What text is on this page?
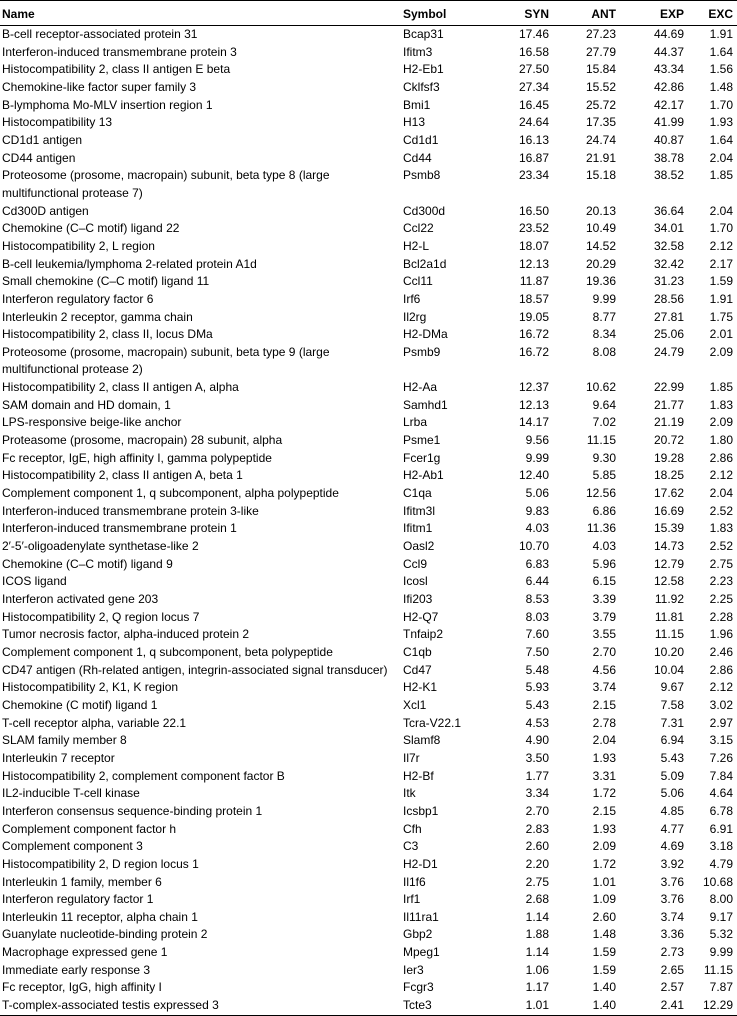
Name	Symbol	SYN	ANT	EXP	EXC
B-cell receptor-associated protein 31	Bcap31	17.46	27.23	44.69	1.91
Interferon-induced transmembrane protein 3	Ifitm3	16.58	27.79	44.37	1.64
Histocompatibility 2, class II antigen E beta	H2-Eb1	27.50	15.84	43.34	1.56
Chemokine-like factor super family 3	Cklfsf3	27.34	15.52	42.86	1.48
B-lymphoma Mo-MLV insertion region 1	Bmi1	16.45	25.72	42.17	1.70
Histocompatibility 13	H13	24.64	17.35	41.99	1.93
CD1d1 antigen	Cd1d1	16.13	24.74	40.87	1.64
CD44 antigen	Cd44	16.87	21.91	38.78	2.04
Proteosome (prosome, macropain) subunit, beta type 8 (large multifunctional protease 7)	Psmb8	23.34	15.18	38.52	1.85
Cd300D antigen	Cd300d	16.50	20.13	36.64	2.04
Chemokine (C–C motif) ligand 22	Ccl22	23.52	10.49	34.01	1.70
Histocompatibility 2, L region	H2-L	18.07	14.52	32.58	2.12
B-cell leukemia/lymphoma 2-related protein A1d	Bcl2a1d	12.13	20.29	32.42	2.17
Small chemokine (C–C motif) ligand 11	Ccl11	11.87	19.36	31.23	1.59
Interferon regulatory factor 6	Irf6	18.57	9.99	28.56	1.91
Interleukin 2 receptor, gamma chain	Il2rg	19.05	8.77	27.81	1.75
Histocompatibility 2, class II, locus DMa	H2-DMa	16.72	8.34	25.06	2.01
Proteosome (prosome, macropain) subunit, beta type 9 (large multifunctional protease 2)	Psmb9	16.72	8.08	24.79	2.09
Histocompatibility 2, class II antigen A, alpha	H2-Aa	12.37	10.62	22.99	1.85
SAM domain and HD domain, 1	Samhd1	12.13	9.64	21.77	1.83
LPS-responsive beige-like anchor	Lrba	14.17	7.02	21.19	2.09
Proteasome (prosome, macropain) 28 subunit, alpha	Psme1	9.56	11.15	20.72	1.80
Fc receptor, IgE, high affinity I, gamma polypeptide	Fcer1g	9.99	9.30	19.28	2.86
Histocompatibility 2, class II antigen A, beta 1	H2-Ab1	12.40	5.85	18.25	2.12
Complement component 1, q subcomponent, alpha polypeptide	C1qa	5.06	12.56	17.62	2.04
Interferon-induced transmembrane protein 3-like	Ifitm3l	9.83	6.86	16.69	2.52
Interferon-induced transmembrane protein 1	Ifitm1	4.03	11.36	15.39	1.83
2′-5′-oligoadenylate synthetase-like 2	Oasl2	10.70	4.03	14.73	2.52
Chemokine (C–C motif) ligand 9	Ccl9	6.83	5.96	12.79	2.75
ICOS ligand	Icosl	6.44	6.15	12.58	2.23
Interferon activated gene 203	Ifi203	8.53	3.39	11.92	2.25
Histocompatibility 2, Q region locus 7	H2-Q7	8.03	3.79	11.81	2.28
Tumor necrosis factor, alpha-induced protein 2	Tnfaip2	7.60	3.55	11.15	1.96
Complement component 1, q subcomponent, beta polypeptide	C1qb	7.50	2.70	10.20	2.46
CD47 antigen (Rh-related antigen, integrin-associated signal transducer)	Cd47	5.48	4.56	10.04	2.86
Histocompatibility 2, K1, K region	H2-K1	5.93	3.74	9.67	2.12
Chemokine (C motif) ligand 1	Xcl1	5.43	2.15	7.58	3.02
T-cell receptor alpha, variable 22.1	Tcra-V22.1	4.53	2.78	7.31	2.97
SLAM family member 8	Slamf8	4.90	2.04	6.94	3.15
Interleukin 7 receptor	Il7r	3.50	1.93	5.43	7.26
Histocompatibility 2, complement component factor B	H2-Bf	1.77	3.31	5.09	7.84
IL2-inducible T-cell kinase	Itk	3.34	1.72	5.06	4.64
Interferon consensus sequence-binding protein 1	Icsbp1	2.70	2.15	4.85	6.78
Complement component factor h	Cfh	2.83	1.93	4.77	6.91
Complement component 3	C3	2.60	2.09	4.69	3.18
Histocompatibility 2, D region locus 1	H2-D1	2.20	1.72	3.92	4.79
Interleukin 1 family, member 6	Il1f6	2.75	1.01	3.76	10.68
Interferon regulatory factor 1	Irf1	2.68	1.09	3.76	8.00
Interleukin 11 receptor, alpha chain 1	Il11ra1	1.14	2.60	3.74	9.17
Guanylate nucleotide-binding protein 2	Gbp2	1.88	1.48	3.36	5.32
Macrophage expressed gene 1	Mpeg1	1.14	1.59	2.73	9.99
Immediate early response 3	Ier3	1.06	1.59	2.65	11.15
Fc receptor, IgG, high affinity I	Fcgr3	1.17	1.40	2.57	7.87
T-complex-associated testis expressed 3	Tcte3	1.01	1.40	2.41	12.29
